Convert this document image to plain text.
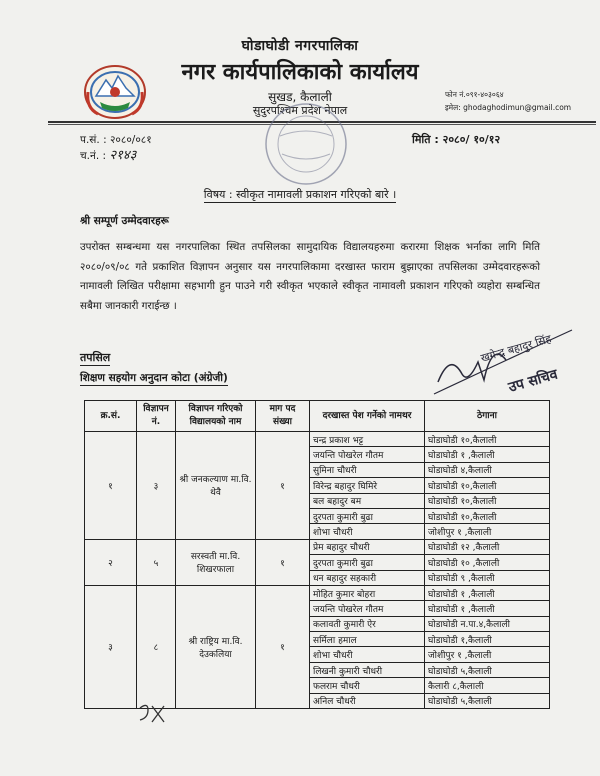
घोडाघोडी नगरपालिका
नगर कार्यपालिकाको कार्यालय
सुखड, कैलाली
सुदुरपश्चिम प्रदेश नेपाल
फोन नं.०९१-४०३०६४
इमेल: ghodaghodimun@gmail.com
प.सं. : २०८०/०८१
च.नं. : २१४३
मिति : २०८०/ १०/१२
विषय : स्वीकृत नामावली प्रकाशन गरिएको बारे ।
श्री सम्पूर्ण उम्मेदवारहरू
उपरोक्त सम्बन्धमा यस नगरपालिका स्थित तपसिलका सामुदायिक विद्यालयहरुमा करारमा शिक्षक भर्नाका लागि मिति २०८०/०९/०८ गते प्रकाशित विज्ञापन अनुसार यस नगरपालिकामा दरखास्त फाराम बुझाएका तपसिलका उम्मेदवारहरूको नामावली लिखित परीक्षामा सहभागी हुन पाउने गरी स्वीकृत भएकाले स्वीकृत नामावली प्रकाशन गरिएको व्यहोरा सम्बन्धित सबैमा जानकारी गराईन्छ ।
खगेन्द्र बहादुर सिंह
उप सचिव
तपसिल
शिक्षण सहयोग अनुदान कोटा (अंग्रेजी)
क्र.सं.	विज्ञापन नं.	विज्ञापन गरिएको विद्यालयको नाम	माग पद संख्या	दरखास्त पेश गर्नेको नामथर	ठेगाना
१	३	श्री जनकल्याण मा.वि. थेवै	१	चन्द्र प्रकाश भट्ट	घोडाघोडी १०,कैलाली
				जयन्ति पोखरेल गौतम	घोडाघोडी १ ,कैलाली
				सुमिना चौधरी	घोडाघोडी ४,कैलाली
				विरेन्द्र बहादुर घिमिरे	घोडाघोडी १०,कैलाली
				बल बहादुर बम	घोडाघोडी १०,कैलाली
				दुरपता कुमारी बुढा	घोडाघोडी १०,कैलाली
				शोभा चौधरी	जोशीपुर १ ,कैलाली
२	५	सरस्वती मा.वि. शिखरफाला	१	प्रेम बहादुर चौधरी	घोडाघोडी १२ ,कैलाली
				दुरपता कुमारी बुढा	घोडाघोडी १० ,कैलाली
				धन बहादुर सहकारी	घोडाघोडी ९ ,कैलाली
३	८	श्री राष्ट्रिय मा.वि. देउकलिया	१	मोहित कुमार बोहरा	घोडाघोडी १ ,कैलाली
				जयन्ति पोखरेल गौतम	घोडाघोडी १ ,कैलाली
				कलावती कुमारी ऐर	घोडाघोडी न.पा.४,कैलाली
				सर्मिला हमाल	घोडाघोडी १,कैलाली
				शोभा चौधरी	जोशीपुर १ ,कैलाली
				लिखनी कुमारी चौधरी	घोडाघोडी ५,कैलाली
				फलराम चौधरी	कैलारी ८,कैलाली
				अनिल चौधरी	घोडाघोडी ५,कैलाली
